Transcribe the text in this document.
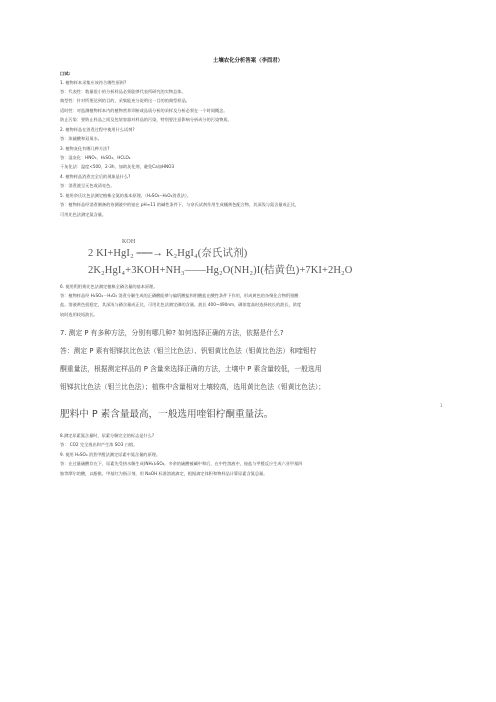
土壤农化分析答案（李酉君）
口试:
1. 植物样本采集应该符合哪些原则?
答：代表性：数量很小的分析样品必须能够代表所研究的实物总体。
典型性：针对所要达到的目的，采集能充分说明这一目的的典型样品。
适时性：对监测植物样本内的植物营养诊断或品质分析的采样及分析必须在一个时间概念。
防止污染：要防止样品之间及包装容器对样品的污染，特别要注意影响分析成分的污染物质。
2. 植物样品在消煮过程中使用什么试剂?
答：浓硫酸和双氧水。
3. 植物灰化有哪几种方法?
答：湿灰化：HNO₃、H₂SO₄、HCLO₄
干灰化法：温度<500，2-3h，加助灰化剂，避免Ca加HNO3
4. 植物样品消煮完全后的现象是什么?
答：消煮液呈无色或清亮色。
5. 使用奈氏比色法测定植株全氮的基本原理。（H₂SO₄--H₂O₂消煮法）。
答：植物样品经消煮制备的待测液中的铵在 pH≈11 的碱性条件下，与奈氏试剂作用生成橘黄色配合物，其深浅与氮含量成正比，
可用比色法测定氮含量。
KOH
2 KI+HgI₂ ⎯⎯⎯→ K₂HgI₄(奈氏试剂)
2K₂HgI₄+3KOH+NH₃——Hg₂O(NH₂)I(桔黄色)+7KI+2H₂O
6. 使用钒钼黄比色法测定植株全磷含量的基本原理。
答：植物样品经 H₂SO₄－H₂O₂ 消煮分解生成的正磷酸能够与偏钒酸盐和钼酸盐在酸性条件下作用，形成黄色的杂聚化合物钒钼酸
盐。溶液黄色很稳定，其深浅与磷含量成正比，可用比色法测定磷的含量。波长 400~490nm，磷浓度高时选择较长的波长，浓度
较时选用较短波长。
7. 测定 P 有多种方法，分别有哪几种? 如何选择正确的方法，依据是什么?
答：测定 P 素有钼锑抗比色法（钼兰比色法）、钒钼黄比色法（钼黄比色法）和喹钼柠
酮重量法，根据测定样品的 P 含量来选择正确的方法，土壤中 P 素含量较低，一般选用
钼锑抗比色法（钼兰比色法）；植株中含量相对土壤较高，选用黄比色法（钼黄比色法）；
1
肥料中 P 素含量最高，一般选用喹钼柠酮重量法。
8.测定尿素氮含量时，尿素分解完全的标志是什么?
答： CO2 完全逸出和产生浓 SO3 白烟。
9. 使用 H₂SO₄ 消煮甲醛法测定尿素中氮含量的原理。
答：在过量硫酸存在下，尿素先受热水解生成(NH₄)₂SO₄，多余的硫酸被碱中和后，在中性溶液中，铵盐与甲醛反应生成六亚甲基四
胺等摩尔的酸，以酚酞、甲基红为指示剂，用 NaOH 标准溶液滴定，根据滴定体积和物样品计算尿素含氮总量。
